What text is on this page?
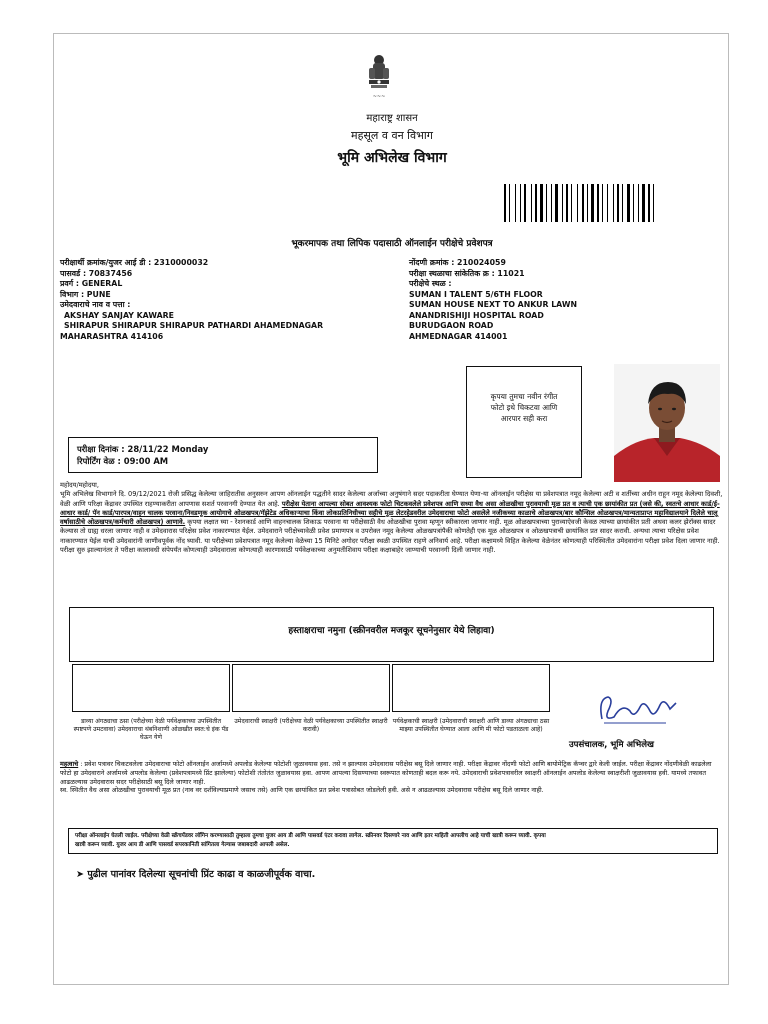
~~~
महाराष्ट्र शासन
महसूल व वन विभाग
भूमि अभिलेख विभाग
भूकरमापक तथा लिपिक पदासाठी ऑनलाईन परीक्षेचे प्रवेशपत्र
परीक्षार्थी क्रमांक/युजर आई डी : 2310000032
पासवर्ड : 70837456
प्रवर्ग : GENERAL
विभाग : PUNE
उमेदवाराचे नाव व पत्ता :
AKSHAY SANJAY KAWARE
SHIRAPUR SHIRAPUR SHIRAPUR PATHARDI AHAMEDNAGAR
MAHARASHTRA 414106
नोंदणी क्रमांक : 210024059
परीक्षा स्थळाचा सांकेतिक क्र : 11021
परीक्षेचे स्थळ :
SUMAN I TALENT 5/6TH FLOOR
SUMAN HOUSE NEXT TO ANKUR LAWN
ANANDRISHIJI HOSPITAL ROAD
BURUDGAON ROAD
AHMEDNAGAR 414001
कृपया तुमचा नवीन रंगीत
फोटो इथे चिकटवा आणि
आरपार सही करा
परीक्षा दिनांक : 28/11/22 Monday
रिपोर्टिंग वेळ : 09:00 AM

महोदय/महोदया,

भूमि अभिलेख विभागाने दि. 09/12/2021 रोजी प्रसिद्ध केलेल्या जाहिरातीस अनुसरुन आपण ऑनलाईन पद्धतीने सादर केलेल्या अर्जाच्या अनुषंगाने सदर पदाकरीता घेण्यात येणा-या ऑनलाईन परीक्षेस या प्रवेशपत्रात नमूद केलेल्या अटी व शर्तीच्या अधीन राहून नमूद केलेल्या दिवशी, वेळी आणि परिक्षा केंद्रावर उपस्थित राहण्याकरीता आपणास सशर्त परवानगी देण्यात येत आहे. परीक्षेस येताना आपल्या सोबत आवश्यक फोटो चिटकवलेले प्रवेशपत्र आणि सध्या वैध असा ओळखीचा पुरावयाची मूळ प्रत व त्याची एक छायांकीत प्रत (जसे की, स्वतःचे आधार कार्ड/ई-आधार कार्ड/ पॅन कार्ड/पारपत्र/वाहन चालक परवाना/निवडणूक आयोगाचे ओळखपत्र/गॅझेटेड अधिकाऱ्याचा किंवा लोकप्रतिनिधीच्या सहीचे मूळ लेटरहेडवरील उमेदवाराचा फोटो असलेले नजीकच्या काळाचे ओळखपत्र/बार कौन्सिल ओळखपत्र/मान्यताप्राप्त महाविद्यालयाने दिलेले चालू वर्षासाठीचे ओळखपत्र/कर्मचारी ओळखपत्र) आणावे. कृपया लक्षात घ्या - रेशनकार्ड आणि वाहनचालक शिकाऊ परवाना या परीक्षेसाठी वैध ओळखीचा पुरावा म्हणून स्वीकारला जाणार नाही. मूळ ओळखपत्राच्या पुराव्याऐवजी केवळ त्याच्या छायांकीत प्रती अथवा कलर झेरॉक्स सादर केल्यास तो ग्राह्य धरला जाणार नाही व उमेदवारास परिक्षेस प्रवेश नाकारण्यात येईल. उमेदवाराने परीक्षेच्यावेळी प्रवेश प्रमाणपत्र व उपरोक्त नमूद केलेल्या ओळखपत्रांपैकी कोणतेही एक मूळ ओळखपत्र व ओळखपत्राची छायांकित प्रत सादर करावी. अन्यथा त्याचा परिक्षेस प्रवेश नाकारण्यात येईल याची उमेदवारांनी जाणीवपूर्वक नोंद घ्यावी. या परीक्षेच्या प्रवेशपत्रात नमूद केलेल्या वेळेच्या 15 मिनिटे अगोदर परीक्षा स्थळी उपस्थित राहणे अनिवार्य आहे. परीक्षा कक्षामध्ये विहित केलेल्या वेळेनंतर कोणत्याही परिस्थितीत उमेदवारांना परीक्षा प्रवेश दिला जाणार नाही. परीक्षा सुरु झाल्यानंतर ते परीक्षा कालावधी संपेपर्यंत कोणत्याही उमेदवाराला कोणत्याही कारणासाठी पर्यवेक्षकाच्या अनुमतीशिवाय परीक्षा कक्षाबाहेर जाण्याची परवानगी दिली जाणार नाही.

हस्ताक्षराचा नमुना (स्क्रीनवरील मजकूर सूचनेनुसार येथे लिहावा)
डाव्या अंगठ्याचा ठसा (परीक्षेच्या वेळी पर्यवेक्षकाच्या उपस्थितीत स्पष्टपणे उमटवावा) उमेदवाराचा थंबनिशाणी ओळखीत स्वत:चे इंक पॅड घेऊन येणे
उमेदवाराची स्वाक्षरी (परीक्षेच्या वेळी पर्यवेक्षकाच्या उपस्थितीत स्वाक्षरी करावी)
पर्यवेक्षकाची स्वाक्षरी (उमेदवाराची स्वाक्षरी आणि डाव्या अंगठ्याचा ठसा माझ्या उपस्थितीत घेण्यात आला आणि मी फोटो पडताळला आहे)
उपसंचालक, भूमि अभिलेख

महत्वाचे : प्रवेश पत्रावर चिकटवलेला उमेदवाराचा फोटो ऑनलाईन अर्जामध्ये अपलोड केलेल्या फोटोशी जुळावयास हवा. तसे न झाल्यास उमेदवारास परीक्षेस बसू दिले जाणार नाही. परीक्षा केंद्रावर नोंदणी फोटो आणि बायोमेट्रिक कॅप्चर द्वारे केली जाईल. परीक्षा केंद्रावर नोंदणीवेळी काढलेला फोटो हा उमेदवाराने अर्जामध्ये अपलोड केलेल्या (प्रवेशपत्रामध्ये प्रिंट झालेल्या) फोटोशी तंतोतंत जुळावयास हवा. आपण आपल्या दिसण्याच्या स्वरूपात कोणताही बदल करू नये. उमेदवाराची प्रवेशपत्रावरील स्वाक्षरी ऑनलाईन अपलोड केलेल्या स्वाक्षरीशी जुळावयास हवी. यामध्ये तफावत आढळल्यास उमेदवारास सदर परीक्षेसाठी बसू दिले जाणार नाही.

स्व. स्थितीत वैध असा ओळखीचा पुरावयाची मूळ प्रत (नाव वर दर्शविल्याप्रमाणे जसाच तसे) आणि एक छायांकित प्रत प्रवेश पत्रासोबत जोडलेली हवी. असे न आढळल्यास उमेदवारास परीक्षेस बसू दिले जाणार नाही.

परीक्षा ऑनलाईन घेतली जाईल. परीक्षेच्या वेळी स्क्रॅचपॅडवर लॉगिन करण्यासाठी तुम्हाला तुमचा युजर आय डी आणि पासवर्ड एंटर करावा लागेल. स्क्रीनवर दिसणारे नाव आणि इतर माहिती आपलीच आहे याची खात्री करून घ्यावी. कृपया
खात्री करून घ्यावी. युजर आय डी आणि पासवर्ड सपरकानिती सांगितला गेल्यास जबाबदारी आपली असेल.
➤ पुढील पानांवर दिलेल्या सूचनांची प्रिंट काढा व काळजीपूर्वक वाचा.
